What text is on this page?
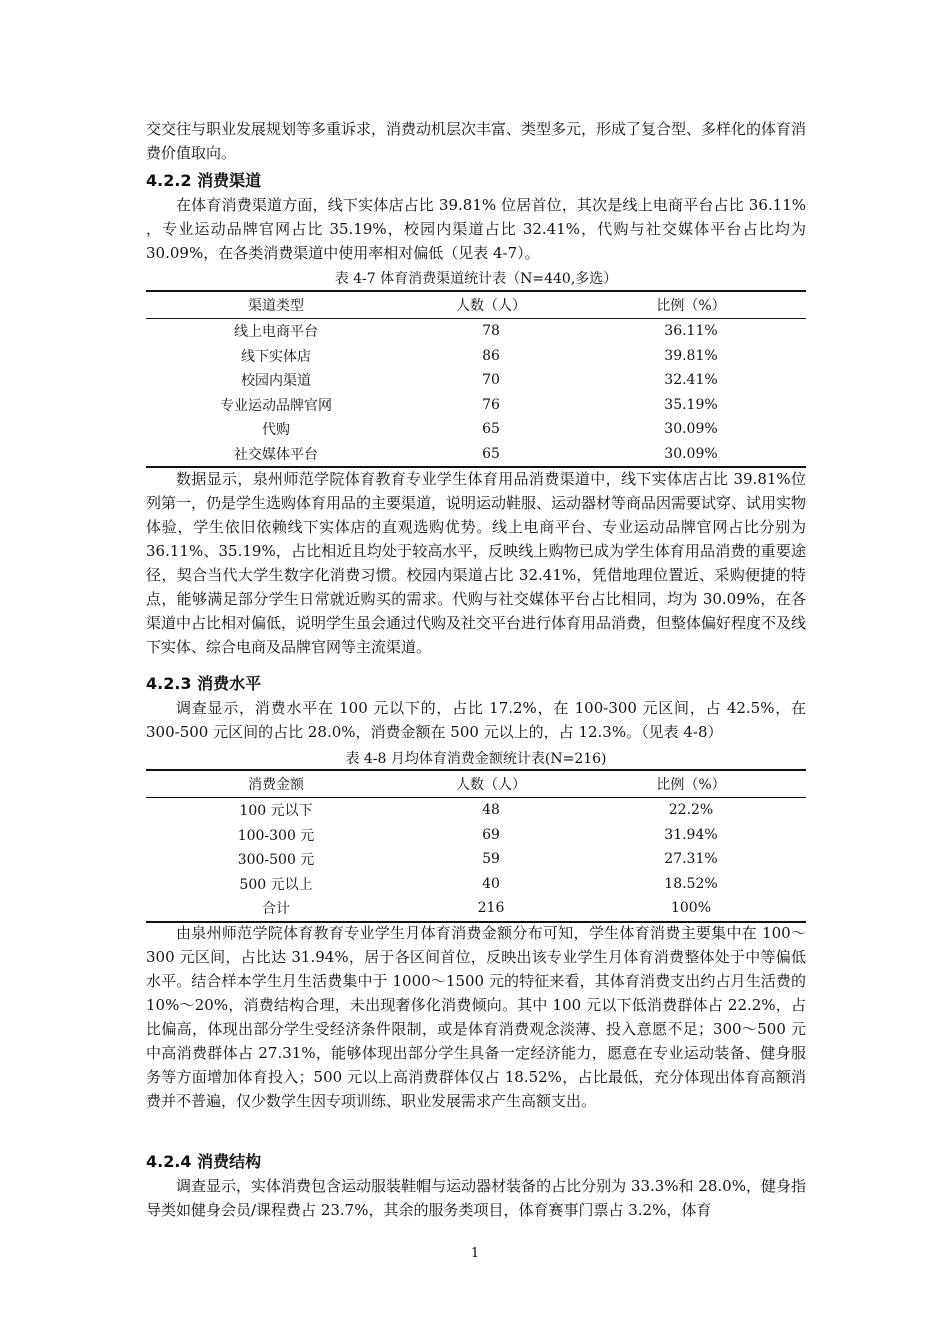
交交往与职业发展规划等多重诉求，消费动机层次丰富、类型多元，形成了复合型、多样化的体育消费价值取向。

4.2.2 消费渠道

在体育消费渠道方面，线下实体店占比 39.81% 位居首位，其次是线上电商平台占比 36.11% ，专业运动品牌官网占比 35.19%，校园内渠道占比 32.41%，代购与社交媒体平台占比均为 30.09%，在各类消费渠道中使用率相对偏低（见表 4-7）。

表 4-7 体育消费渠道统计表（N=440,多选）
渠道类型	人数（人）	比例（%）
线上电商平台	78	36.11%
线下实体店	86	39.81%
校园内渠道	70	32.41%
专业运动品牌官网	76	35.19%
代购	65	30.09%
社交媒体平台	65	30.09%

数据显示，泉州师范学院体育教育专业学生体育用品消费渠道中，线下实体店占比 39.81%位列第一，仍是学生选购体育用品的主要渠道，说明运动鞋服、运动器材等商品因需要试穿、试用实物体验，学生依旧依赖线下实体店的直观选购优势。线上电商平台、专业运动品牌官网占比分别为 36.11%、35.19%，占比相近且均处于较高水平，反映线上购物已成为学生体育用品消费的重要途径，契合当代大学生数字化消费习惯。校园内渠道占比 32.41%，凭借地理位置近、采购便捷的特点，能够满足部分学生日常就近购买的需求。代购与社交媒体平台占比相同，均为 30.09%，在各渠道中占比相对偏低，说明学生虽会通过代购及社交平台进行体育用品消费，但整体偏好程度不及线下实体、综合电商及品牌官网等主流渠道。

4.2.3 消费水平

调查显示，消费水平在 100 元以下的，占比 17.2%，在 100-300 元区间，占 42.5%，在 300-500 元区间的占比 28.0%，消费金额在 500 元以上的，占 12.3%。（见表 4-8）

表 4-8 月均体育消费金额统计表(N=216)
消费金额	人数（人）	比例（%）
100 元以下	48	22.2%
100-300 元	69	31.94%
300-500 元	59	27.31%
500 元以上	40	18.52%
合计	216	100%

由泉州师范学院体育教育专业学生月体育消费金额分布可知，学生体育消费主要集中在 100～300 元区间，占比达 31.94%，居于各区间首位，反映出该专业学生月体育消费整体处于中等偏低水平。结合样本学生月生活费集中于 1000～1500 元的特征来看，其体育消费支出约占月生活费的 10%～20%，消费结构合理，未出现奢侈化消费倾向。其中 100 元以下低消费群体占 22.2%，占比偏高，体现出部分学生受经济条件限制，或是体育消费观念淡薄、投入意愿不足；300～500 元中高消费群体占 27.31%，能够体现出部分学生具备一定经济能力，愿意在专业运动装备、健身服务等方面增加体育投入；500 元以上高消费群体仅占 18.52%，占比最低，充分体现出体育高额消费并不普遍，仅少数学生因专项训练、职业发展需求产生高额支出。

4.2.4 消费结构

调查显示，实体消费包含运动服装鞋帽与运动器材装备的占比分别为 33.3%和 28.0%，健身指导类如健身会员/课程费占 23.7%，其余的服务类项目，体育赛事门票占 3.2%，体育

1
